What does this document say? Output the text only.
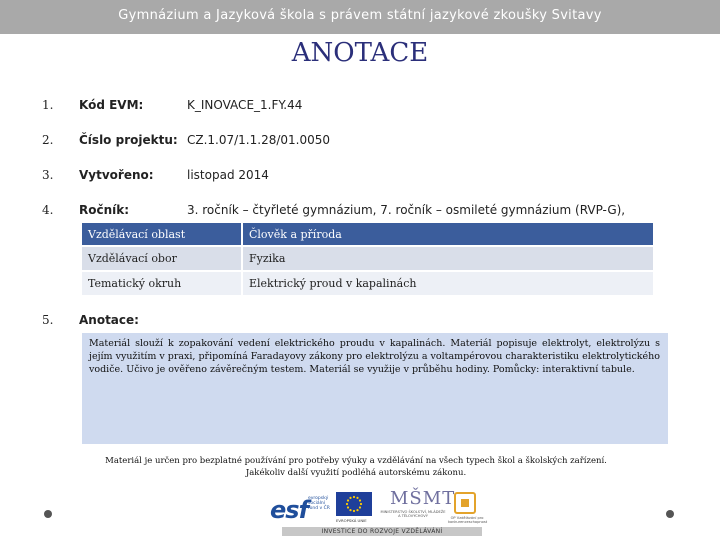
Gymnázium a Jazyková škola s právem státní jazykové zkoušky Svitavy
ANOTACE
1. Kód EVM:	K_INOVACE_1.FY.44
2. Číslo projektu: CZ.1.07/1.1.28/01.0050
3. Vytvořeno:	listopad 2014
4. Ročník:	3. ročník – čtyřleté gymnázium, 7. ročník – osmileté gymnázium (RVP-G),
Vzdělávací oblast	Člověk a příroda
Vzdělávací obor	Fyzika
Tematický okruh	Elektrický proud v kapalinách
5. Anotace:
Materiál slouží k zopakování vedení elektrického proudu v kapalinách. Materiál popisuje elektrolyt, elektrolýzu s jejím využitím v praxi, připomíná Faradayovy zákony pro elektrolýzu a voltampérovou charakteristiku elektrolytického vodiče. Učivo je ověřeno závěrečným testem. Materiál se využije v průběhu hodiny. Pomůcky: interaktivní tabule.
Materiál je určen pro bezplatné používání pro potřeby výuky a vzdělávání na všech typech škol a školských zařízení.
Jakékoliv další využití podléhá autorskému zákonu.
esf evropský sociální fond v ČR
EVROPSKÁ UNIE
MŠMT
MINISTERSTVO ŠKOLSTVÍ, MLÁDEŽE A TĚLOVÝCHOVY	OP Vzdělávání pro konkurenceschopnost
INVESTICE DO ROZVOJE VZDĚLÁVÁNÍ
